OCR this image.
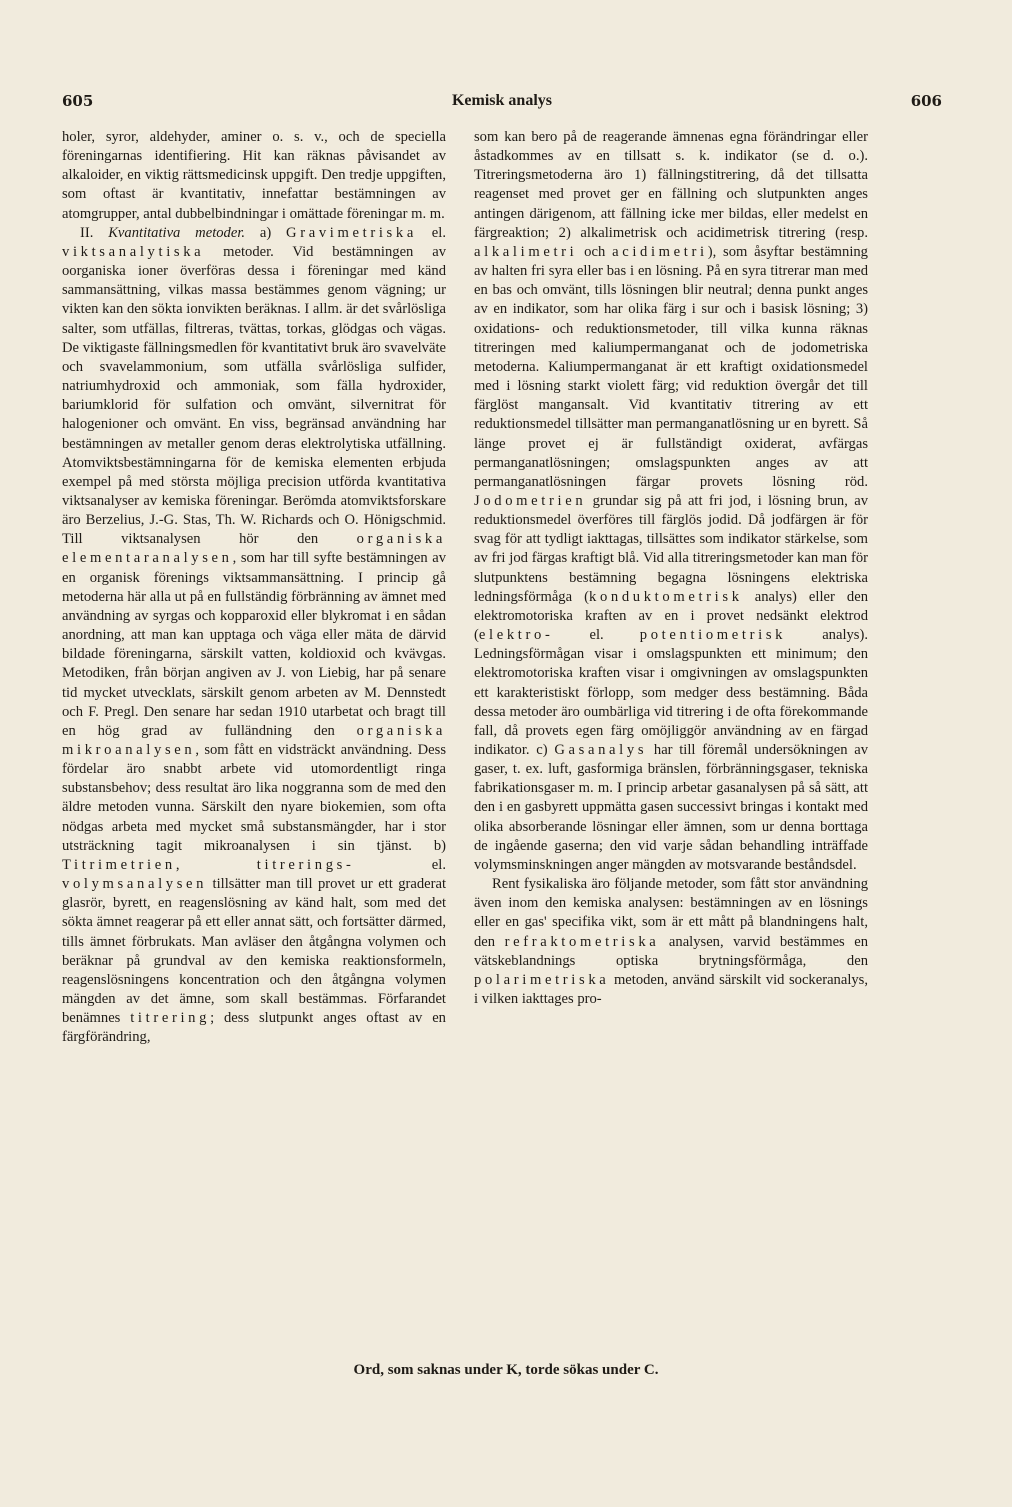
605	Kemisk analys	606

holer, syror, aldehyder, aminer o. s. v., och de speciella föreningarnas identifiering. Hit kan räknas påvisandet av alkaloider, en viktig rättsmedicinsk uppgift. Den tredje uppgiften, som oftast är kvantitativ, innefattar bestämningen av atomgrupper, antal dubbelbindningar i omättade föreningar m. m.

II. Kvantitativa metoder. a) Gravimetriska el. viktsanalytiska metoder. Vid bestämningen av oorganiska ioner överföras dessa i föreningar med känd sammansättning, vilkas massa bestämmes genom vägning; ur vikten kan den sökta ionvikten beräknas. I allm. är det svårlösliga salter, som utfällas, filtreras, tvättas, torkas, glödgas och vägas. De viktigaste fällningsmedlen för kvantitativt bruk äro svavelväte och svavelammonium, som utfälla svårlösliga sulfider, natriumhydroxid och ammoniak, som fälla hydroxider, bariumklorid för sulfation och omvänt, silvernitrat för halogenioner och omvänt. En viss, begränsad användning har bestämningen av metaller genom deras elektrolytiska utfällning. Atomviktsbestämningarna för de kemiska elementen erbjuda exempel på med största möjliga precision utförda kvantitativa viktsanalyser av kemiska föreningar. Berömda atomviktsforskare äro Berzelius, J.-G. Stas, Th. W. Richards och O. Hönigschmid. Till viktsanalysen hör den organiska elementaranalysen, som har till syfte bestämningen av en organisk förenings viktsammansättning. I princip gå metoderna här alla ut på en fullständig förbränning av ämnet med användning av syrgas och kopparoxid eller blykromat i en sådan anordning, att man kan upptaga och väga eller mäta de därvid bildade föreningarna, särskilt vatten, koldioxid och kvävgas. Metodiken, från början angiven av J. von Liebig, har på senare tid mycket utvecklats, särskilt genom arbeten av M. Dennstedt och F. Pregl. Den senare har sedan 1910 utarbetat och bragt till en hög grad av fulländning den organiska mikroanalysen, som fått en vidsträckt användning. Dess fördelar äro snabbt arbete vid utomordentligt ringa substansbehov; dess resultat äro lika noggranna som de med den äldre metoden vunna. Särskilt den nyare biokemien, som ofta nödgas arbeta med mycket små substansmängder, har i stor utsträckning tagit mikroanalysen i sin tjänst. b) Titrimetrien, titrerings- el. volymsanalysen tillsätter man till provet ur ett graderat glasrör, byrett, en reagenslösning av känd halt, som med det sökta ämnet reagerar på ett eller annat sätt, och fortsätter därmed, tills ämnet förbrukats. Man avläser den åtgångna volymen och beräknar på grundval av den kemiska reaktionsformeln, reagenslösningens koncentration och den åtgångna volymen mängden av det ämne, som skall bestämmas. Förfarandet benämnes titrering; dess slutpunkt anges oftast av en färgförändring,

som kan bero på de reagerande ämnenas egna förändringar eller åstadkommes av en tillsatt s. k. indikator (se d. o.). Titreringsmetoderna äro 1) fällningstitrering, då det tillsatta reagenset med provet ger en fällning och slutpunkten anges antingen därigenom, att fällning icke mer bildas, eller medelst en färgreaktion; 2) alkalimetrisk och acidimetrisk titrering (resp. alkalimetri och acidimetri), som åsyftar bestämning av halten fri syra eller bas i en lösning. På en syra titrerar man med en bas och omvänt, tills lösningen blir neutral; denna punkt anges av en indikator, som har olika färg i sur och i basisk lösning; 3) oxidations- och reduktionsmetoder, till vilka kunna räknas titreringen med kaliumpermanganat och de jodometriska metoderna. Kaliumpermanganat är ett kraftigt oxidationsmedel med i lösning starkt violett färg; vid reduktion övergår det till färglöst mangansalt. Vid kvantitativ titrering av ett reduktionsmedel tillsätter man permanganatlösning ur en byrett. Så länge provet ej är fullständigt oxiderat, avfärgas permanganatlösningen; omslagspunkten anges av att permanganatlösningen färgar provets lösning röd. Jodometrien grundar sig på att fri jod, i lösning brun, av reduktionsmedel överföres till färglös jodid. Då jodfärgen är för svag för att tydligt iakttagas, tillsättes som indikator stärkelse, som av fri jod färgas kraftigt blå. Vid alla titreringsmetoder kan man för slutpunktens bestämning begagna lösningens elektriska ledningsförmåga (konduktometrisk analys) eller den elektromotoriska kraften av en i provet nedsänkt elektrod (elektro- el. potentiometrisk analys). Ledningsförmågan visar i omslagspunkten ett minimum; den elektromotoriska kraften visar i omgivningen av omslagspunkten ett karakteristiskt förlopp, som medger dess bestämning. Båda dessa metoder äro oumbärliga vid titrering i de ofta förekommande fall, då provets egen färg omöjliggör användning av en färgad indikator. c) Gasanalys har till föremål undersökningen av gaser, t. ex. luft, gasformiga bränslen, förbränningsgaser, tekniska fabrikationsgaser m. m. I princip arbetar gasanalysen på så sätt, att den i en gasbyrett uppmätta gasen successivt bringas i kontakt med olika absorberande lösningar eller ämnen, som ur denna borttaga de ingående gaserna; den vid varje sådan behandling inträffade volymsminskningen anger mängden av motsvarande beståndsdel.

Rent fysikaliska äro följande metoder, som fått stor användning även inom den kemiska analysen: bestämningen av en lösnings eller en gas' specifika vikt, som är ett mått på blandningens halt, den refraktometriska analysen, varvid bestämmes en vätskeblandnings optiska brytningsförmåga, den polarimetriska metoden, använd särskilt vid sockeranalys, i vilken iakttages pro-

Ord, som saknas under K, torde sökas under C.
